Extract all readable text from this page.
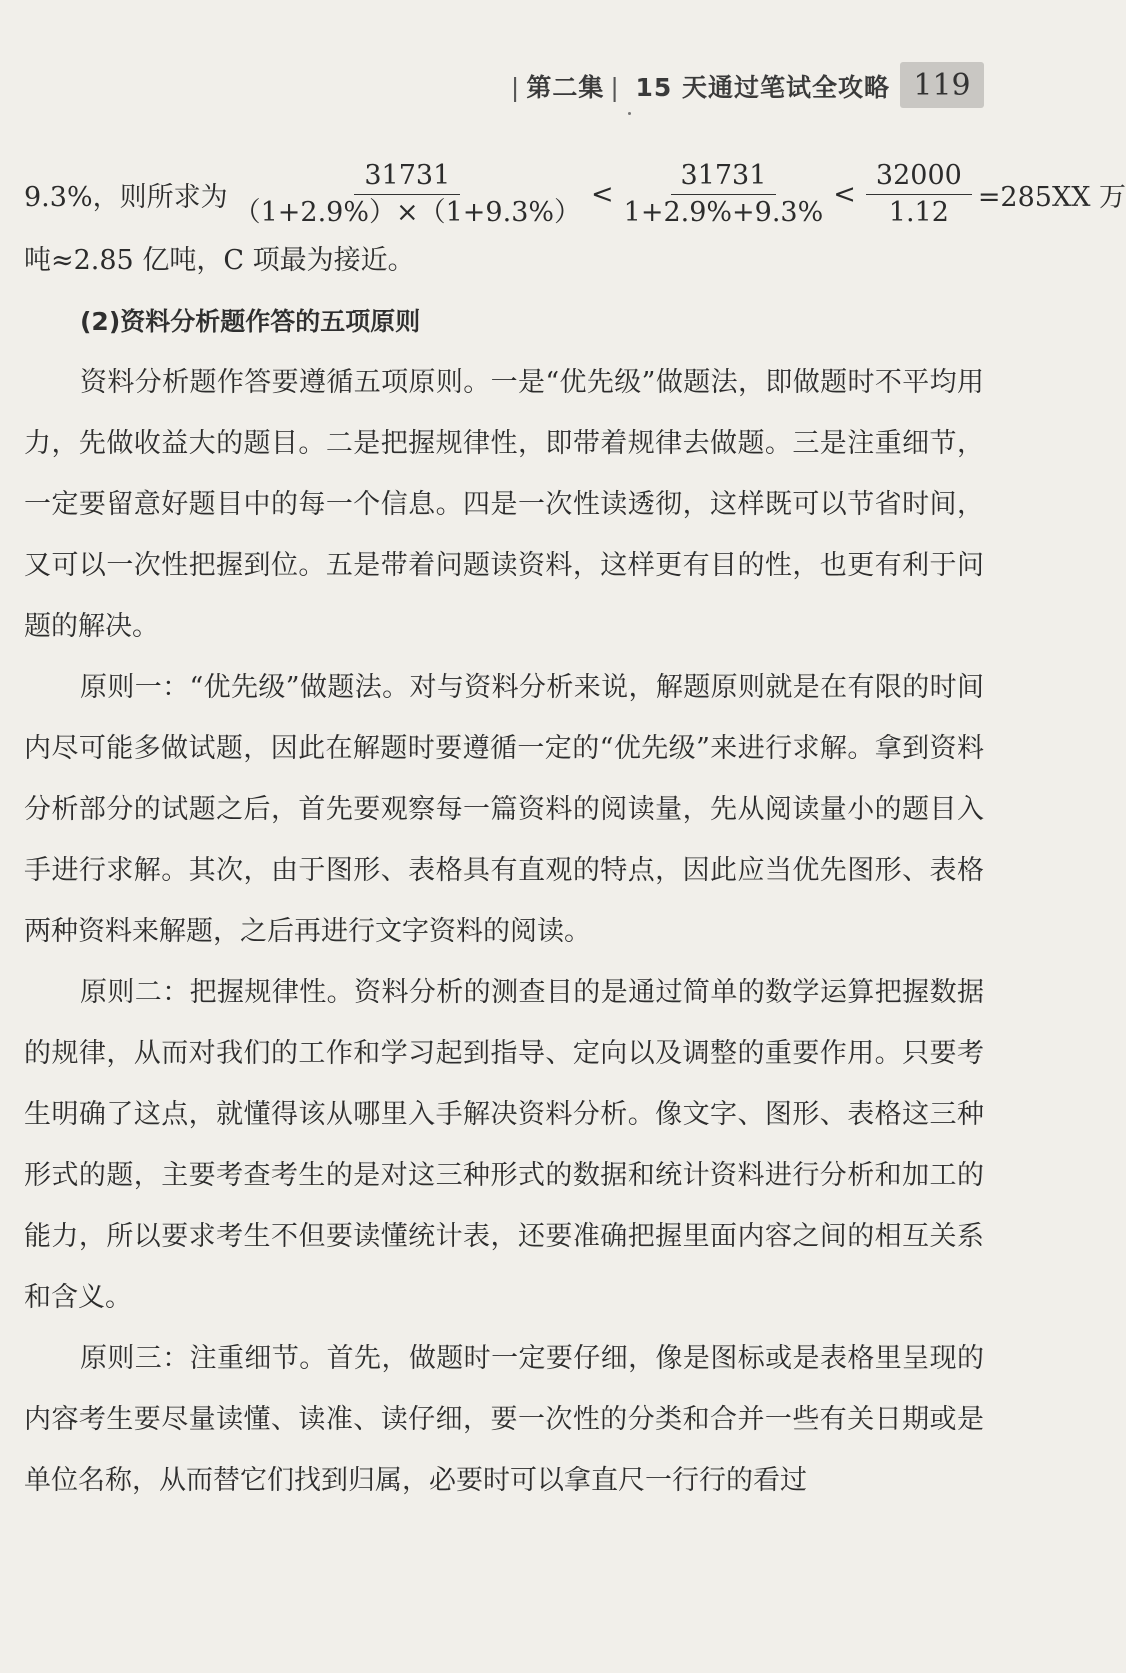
| 第二集 | 15 天通过笔试全攻略 119
9.3%，则所求为 $\frac{31731}{(1+2.9\%)\times(1+9.3\%)} < \frac{31731}{1+2.9\%+9.3\%} < \frac{32000}{1.12} =285XX$ 万

吨≈2.85 亿吨，C 项最为接近。

(2)资料分析题作答的五项原则

资料分析题作答要遵循五项原则。一是“优先级”做题法，即做题时不平均用力，先做收益大的题目。二是把握规律性，即带着规律去做题。三是注重细节，一定要留意好题目中的每一个信息。四是一次性读透彻，这样既可以节省时间，又可以一次性把握到位。五是带着问题读资料，这样更有目的性，也更有利于问题的解决。

原则一：“优先级”做题法。对与资料分析来说，解题原则就是在有限的时间内尽可能多做试题，因此在解题时要遵循一定的“优先级”来进行求解。拿到资料分析部分的试题之后，首先要观察每一篇资料的阅读量，先从阅读量小的题目入手进行求解。其次，由于图形、表格具有直观的特点，因此应当优先图形、表格两种资料来解题，之后再进行文字资料的阅读。

原则二：把握规律性。资料分析的测查目的是通过简单的数学运算把握数据的规律，从而对我们的工作和学习起到指导、定向以及调整的重要作用。只要考生明确了这点，就懂得该从哪里入手解决资料分析。像文字、图形、表格这三种形式的题，主要考查考生的是对这三种形式的数据和统计资料进行分析和加工的能力，所以要求考生不但要读懂统计表，还要准确把握里面内容之间的相互关系和含义。

原则三：注重细节。首先，做题时一定要仔细，像是图标或是表格里呈现的内容考生要尽量读懂、读准、读仔细，要一次性的分类和合并一些有关日期或是单位名称，从而替它们找到归属，必要时可以拿直尺一行行的看过
